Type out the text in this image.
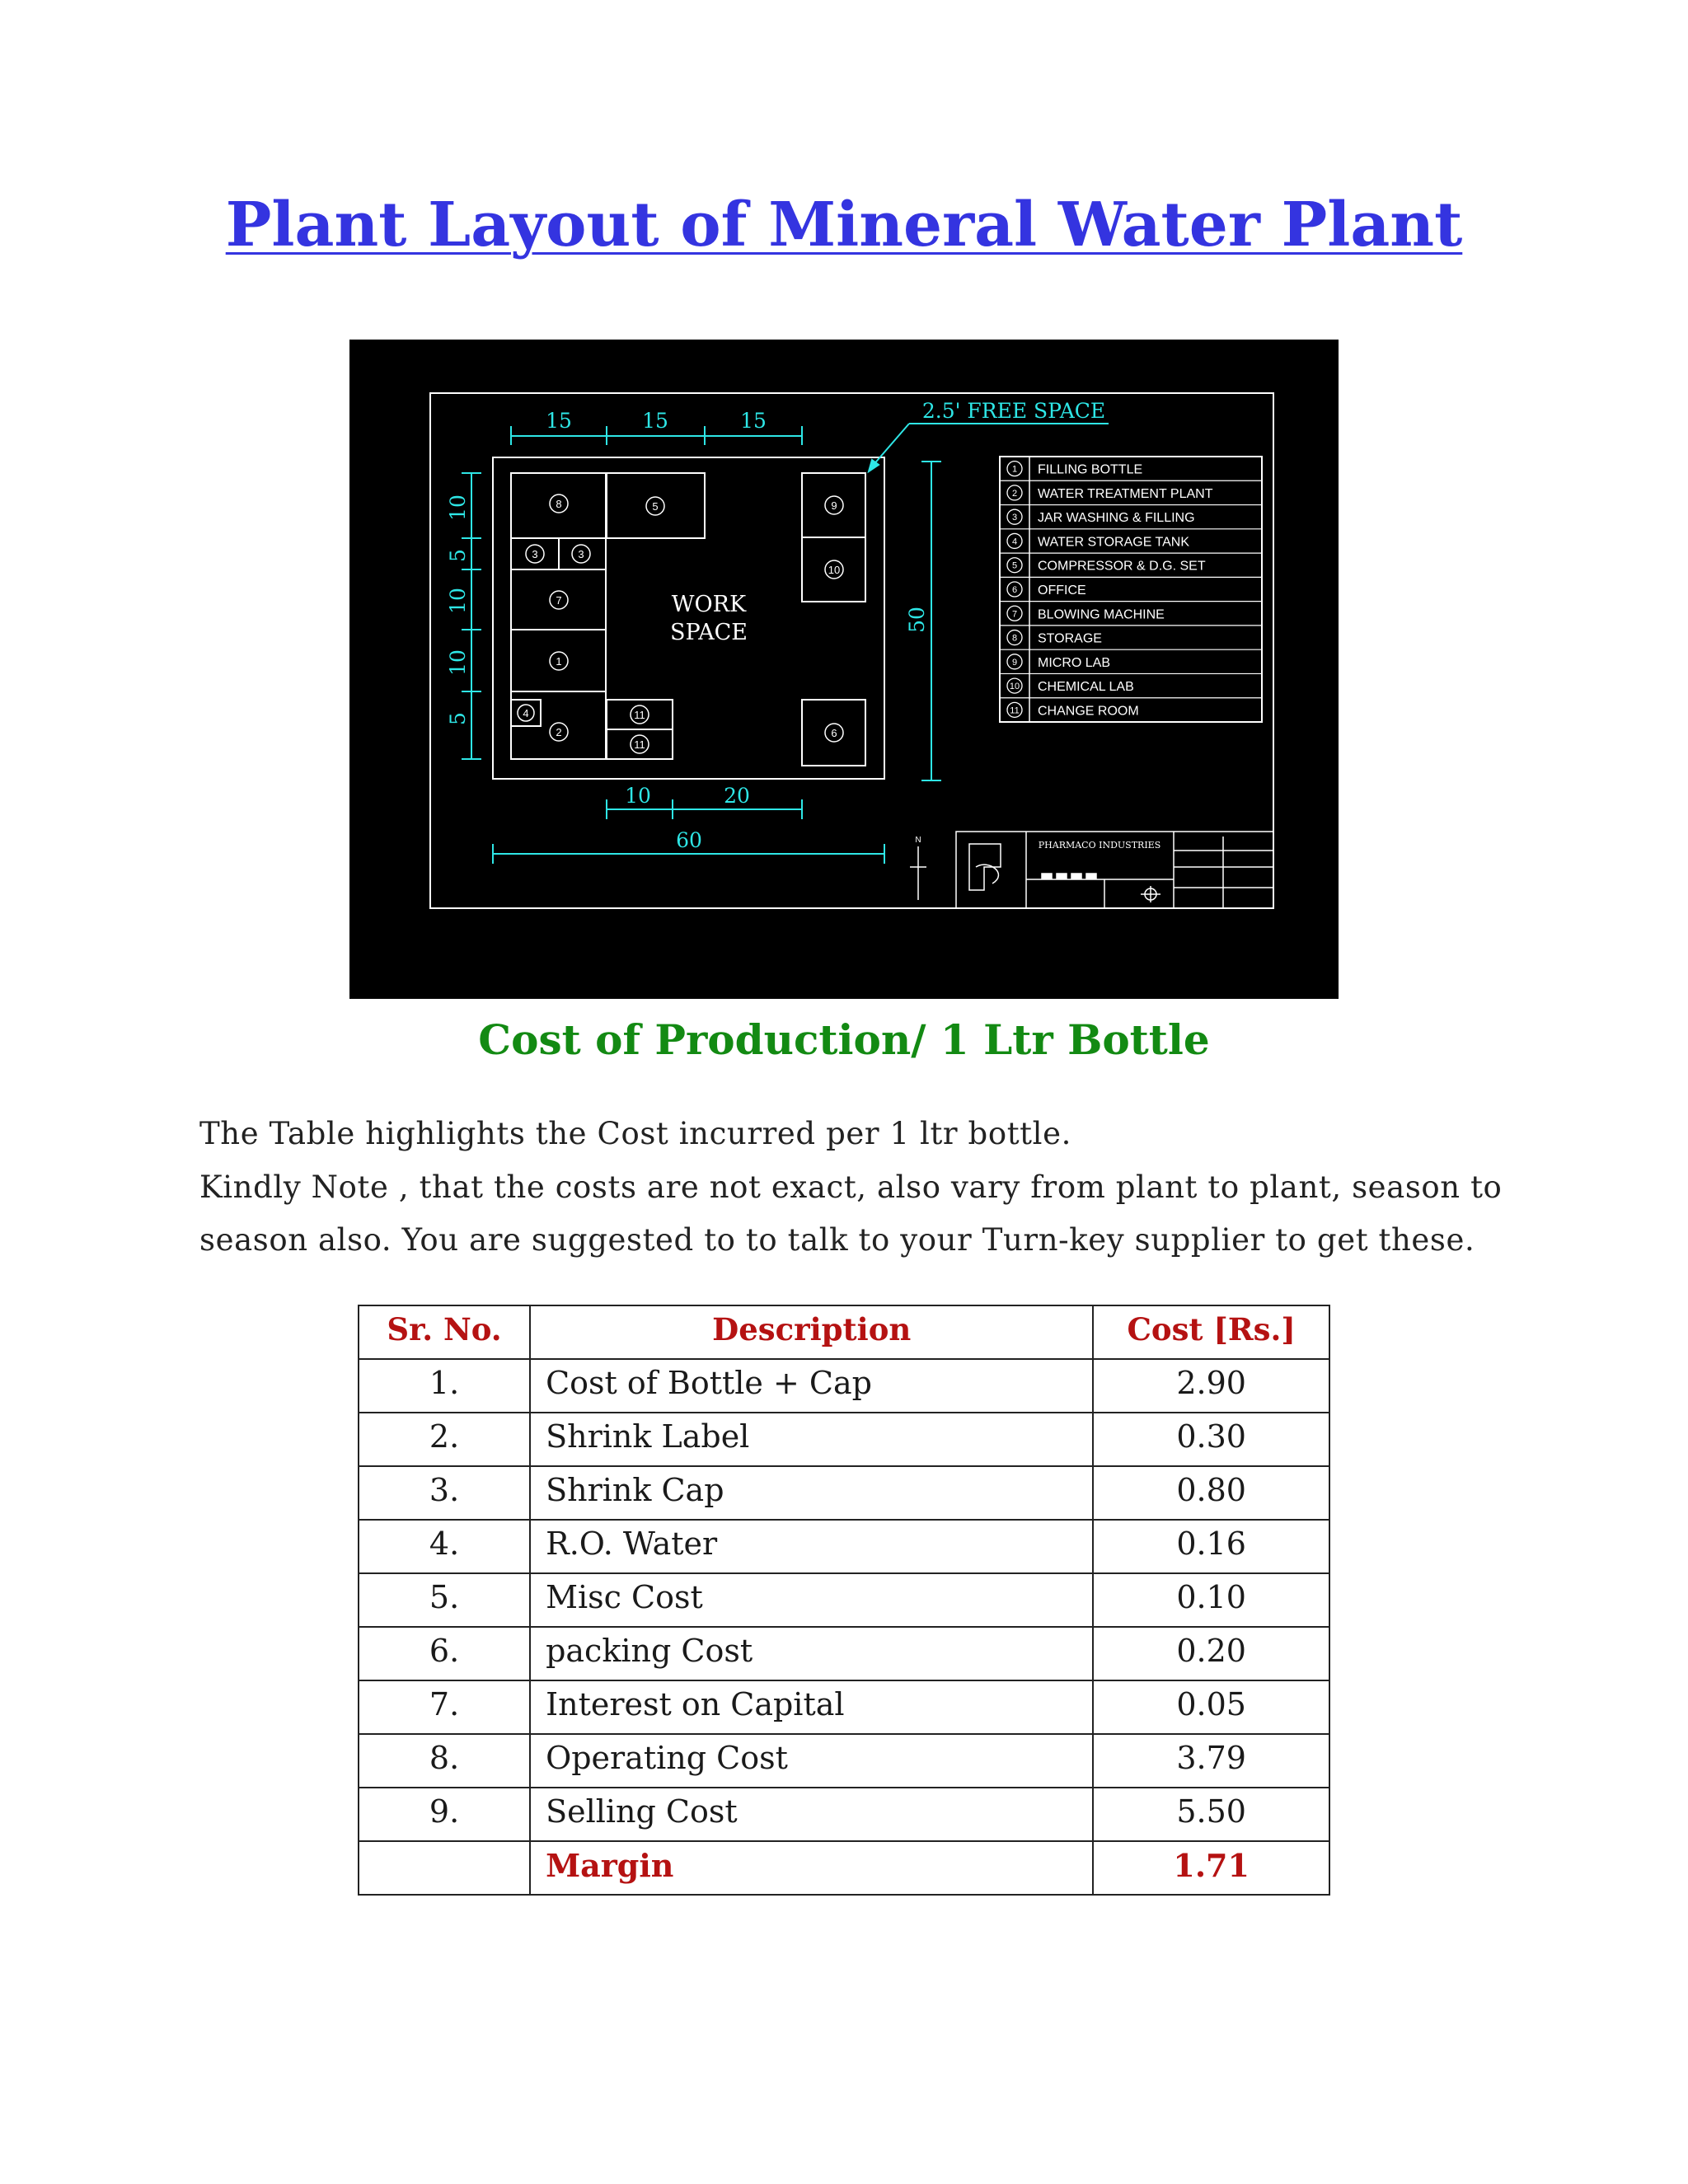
Plant Layout of Mineral Water Plant
8	5
3	3
7
1
4
2
11
11
9
10
6
WORK
SPACE
15	15	15
10	20
60
2.5' FREE SPACE
10
5
10
10
5
50
1 FILLING BOTTLE
2 WATER TREATMENT PLANT
3 JAR WASHING & FILLING
4 WATER STORAGE TANK
5 COMPRESSOR & D.G. SET
6 OFFICE
7 BLOWING MACHINE
8 STORAGE
9 MICRO LAB
10 CHEMICAL LAB
11 CHANGE ROOM
N	PHARMACO INDUSTRIES
Cost of Production/ 1 Ltr Bottle
The Table highlights the Cost incurred per 1 ltr bottle.
Kindly Note , that the costs are not exact, also vary from plant to plant, season to
season also. You are suggested to to talk to your Turn-key supplier to get these.
Sr. No.	Description	Cost [Rs.]
1.	Cost of Bottle + Cap	2.90
2.	Shrink Label	0.30
3.	Shrink Cap	0.80
4.	R.O. Water	0.16
5.	Misc Cost	0.10
6.	packing Cost	0.20
7.	Interest on Capital	0.05
8.	Operating Cost	3.79
9.	Selling Cost	5.50
	Margin	1.71
